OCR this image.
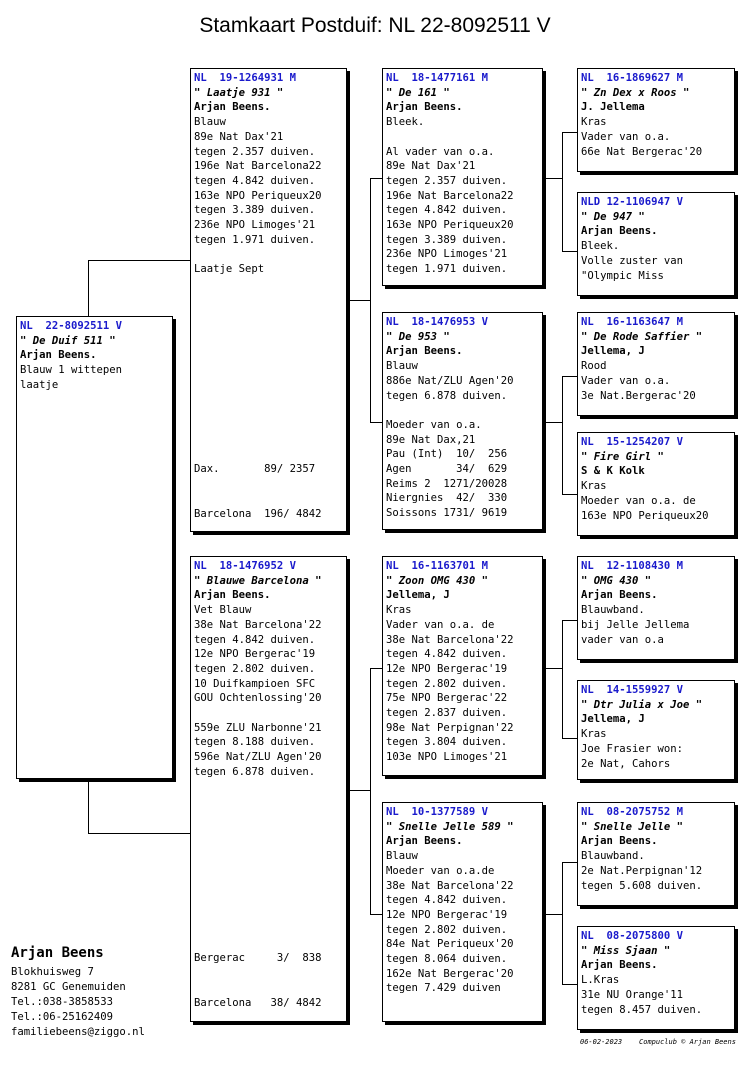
Stamkaart Postduif: NL 22-8092511 V
NL  22-8092511 V
" De Duif 511 "
Arjan Beens.
Blauw 1 wittepen
laatje
NL  19-1264931 M
" Laatje 931 "
Arjan Beens.
Blauw
89e Nat Dax'21
tegen 2.357 duiven.
196e Nat Barcelona22
tegen 4.842 duiven.
163e NPO Periqueux20
tegen 3.389 duiven.
236e NPO Limoges'21
tegen 1.971 duiven.
Laatje Sept

Dax.       89/ 2357

Barcelona  196/ 4842

NL  18-1476952 V
" Blauwe Barcelona "
Arjan Beens.
Vet Blauw
38e Nat Barcelona'22
tegen 4.842 duiven.
12e NPO Bergerac'19
tegen 2.802 duiven.
10 Duifkampioen SFC
GOU Ochtenlossing'20
559e ZLU Narbonne'21
tegen 8.188 duiven.
596e Nat/ZLU Agen'20
tegen 6.878 duiven.

Bergerac     3/  838

Barcelona   38/ 4842

NL  18-1477161 M
" De 161 "
Arjan Beens.
Bleek.
Al vader van o.a.
89e Nat Dax'21
tegen 2.357 duiven.
196e Nat Barcelona22
tegen 4.842 duiven.
163e NPO Periqueux20
tegen 3.389 duiven.
236e NPO Limoges'21
tegen 1.971 duiven.
NL  18-1476953 V
" De 953 "
Arjan Beens.
Blauw
886e Nat/ZLU Agen'20
tegen 6.878 duiven.
Moeder van o.a.
89e Nat Dax,21
Pau (Int)  10/  256
Agen       34/  629
Reims 2  1271/20028
Niergnies  42/  330
Soissons 1731/ 9619
NL  16-1163701 M
" Zoon OMG 430 "
Jellema, J
Kras
Vader van o.a. de
38e Nat Barcelona'22
tegen 4.842 duiven.
12e NPO Bergerac'19
tegen 2.802 duiven.
75e NPO Bergerac'22
tegen 2.837 duiven.
98e Nat Perpignan'22
tegen 3.804 duiven.
103e NPO Limoges'21
NL  10-1377589 V
" Snelle Jelle 589 "
Arjan Beens.
Blauw
Moeder van o.a.de
38e Nat Barcelona'22
tegen 4.842 duiven.
12e NPO Bergerac'19
tegen 2.802 duiven.
84e Nat Periqueux'20
tegen 8.064 duiven.
162e Nat Bergerac'20
tegen 7.429 duiven
NL  16-1869627 M
" Zn Dex x Roos "
J. Jellema
Kras
Vader van o.a.
66e Nat Bergerac'20
NLD 12-1106947 V
" De 947 "
Arjan Beens.
Bleek.
Volle zuster van
"Olympic Miss
NL  16-1163647 M
" De Rode Saffier "
Jellema, J
Rood
Vader van o.a.
3e Nat.Bergerac'20
NL  15-1254207 V
" Fire Girl "
S & K Kolk
Kras
Moeder van o.a. de
163e NPO Periqueux20
NL  12-1108430 M
" OMG 430 "
Arjan Beens.
Blauwband.
bij Jelle Jellema
vader van o.a
NL  14-1559927 V
" Dtr Julia x Joe "
Jellema, J
Kras
Joe Frasier won:
2e Nat, Cahors
NL  08-2075752 M
" Snelle Jelle "
Arjan Beens.
Blauwband.
2e Nat.Perpignan'12
tegen 5.608 duiven.
NL  08-2075800 V
" Miss Sjaan "
Arjan Beens.
L.Kras
31e NU Orange'11
tegen 8.457 duiven.
Arjan Beens
Blokhuisweg 7
8281 GC Genemuiden
Tel.:038-3858533
Tel.:06-25162409
familiebeens@ziggo.nl
06-02-2023 Compuclub © Arjan Beens
